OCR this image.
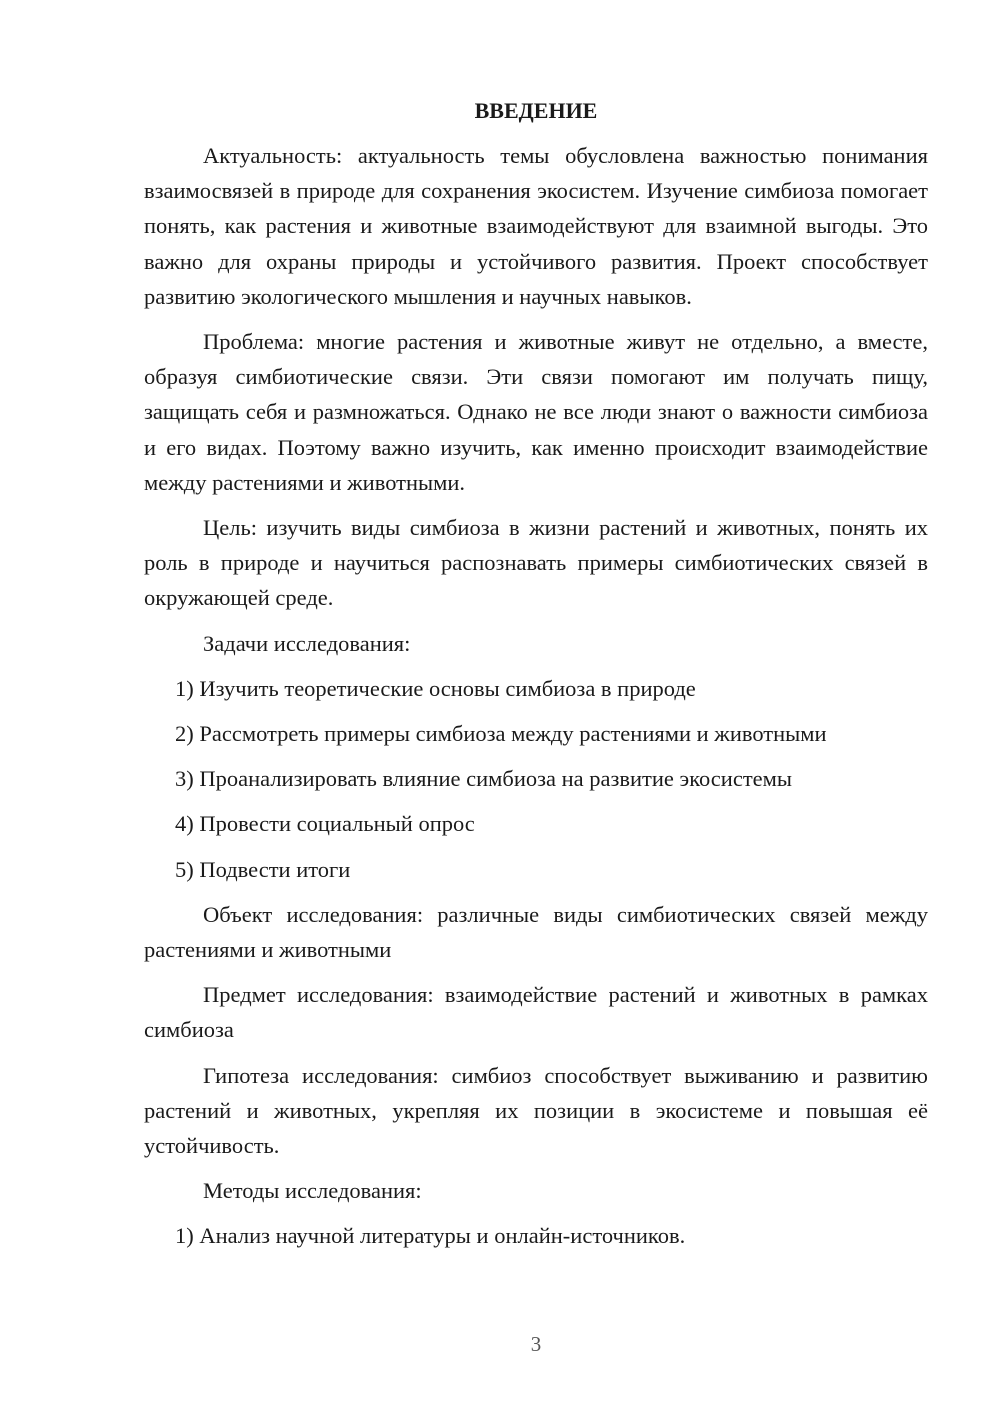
ВВЕДЕНИЕ

Актуальность: актуальность темы обусловлена важностью понимания взаимосвязей в природе для сохранения экосистем. Изучение симбиоза помогает понять, как растения и животные взаимодействуют для взаимной выгоды. Это важно для охраны природы и устойчивого развития. Проект способствует развитию экологического мышления и научных навыков.

Проблема: многие растения и животные живут не отдельно, а вместе, образуя симбиотические связи. Эти связи помогают им получать пищу, защищать себя и размножаться. Однако не все люди знают о важности симбиоза и его видах. Поэтому важно изучить, как именно происходит взаимодействие между растениями и животными.

Цель: изучить виды симбиоза в жизни растений и животных, понять их роль в природе и научиться распознавать примеры симбиотических связей в окружающей среде.

Задачи исследования:

1) Изучить теоретические основы симбиоза в природе

2) Рассмотреть примеры симбиоза между растениями и животными

3) Проанализировать влияние симбиоза на развитие экосистемы

4) Провести социальный опрос

5) Подвести итоги

Объект исследования: различные виды симбиотических связей между растениями и животными

Предмет исследования: взаимодействие растений и животных в рамках симбиоза

Гипотеза исследования: симбиоз способствует выживанию и развитию растений и животных, укрепляя их позиции в экосистеме и повышая её устойчивость.

Методы исследования:

1) Анализ научной литературы и онлайн-источников.

3
